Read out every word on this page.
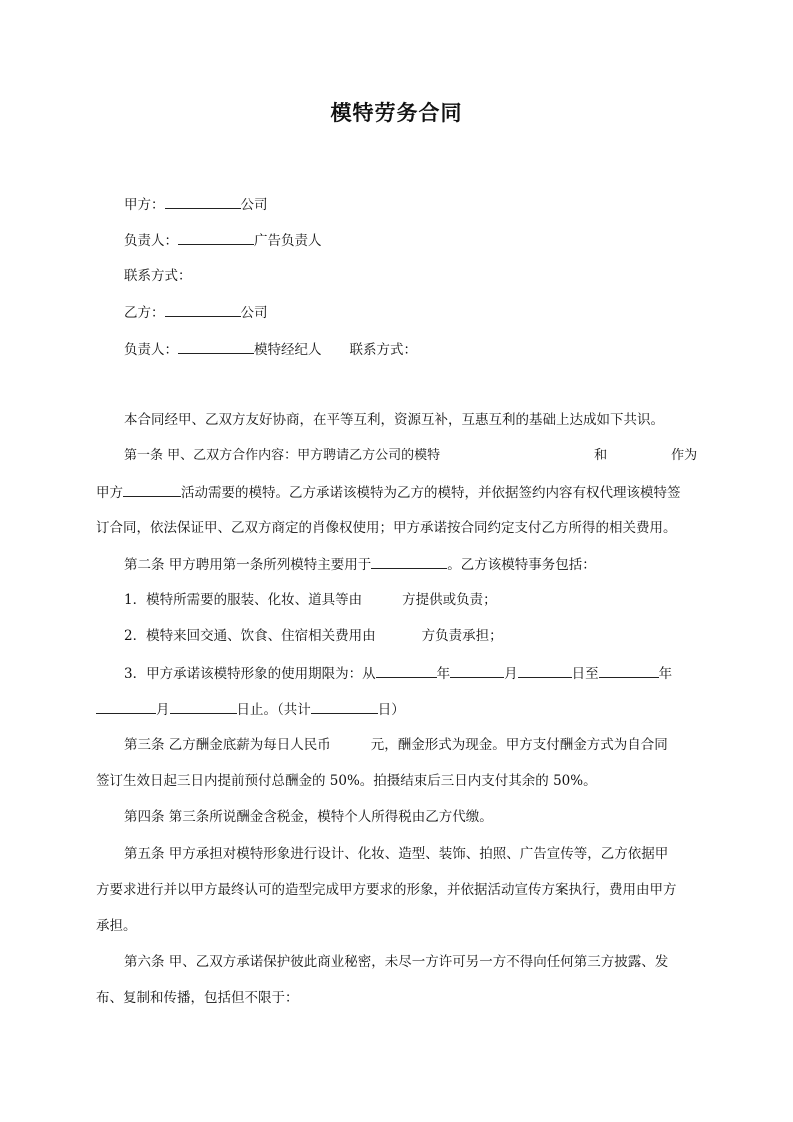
模特劳务合同
甲方：	公司
负责人：	广告负责人
联系方式：
乙方：	公司
负责人：	模特经纪人 联系方式：
本合同经甲、乙双方友好协商，在平等互利，资源互补，互惠互利的基础上达成如下共识。
第一条 甲、乙双方合作内容：甲方聘请乙方公司的模特	和	作为
甲方	活动需要的模特。乙方承诺该模特为乙方的模特，并依据签约内容有权代理该模特签
订合同，依法保证甲、乙双方商定的肖像权使用；甲方承诺按合同约定支付乙方所得的相关费用。
第二条 甲方聘用第一条所列模特主要用于	。乙方该模特事务包括：
1．模特所需要的服装、化妆、道具等由	方提供或负责；
2．模特来回交通、饮食、住宿相关费用由	方负责承担；
3．甲方承诺该模特形象的使用期限为：从	年	月	日至	年
月	日止。（共计	日）
第三条 乙方酬金底薪为每日人民币	元，酬金形式为现金。甲方支付酬金方式为自合同
签订生效日起三日内提前预付总酬金的 50%。拍摄结束后三日内支付其余的 50%。
第四条 第三条所说酬金含税金，模特个人所得税由乙方代缴。
第五条 甲方承担对模特形象进行设计、化妆、造型、装饰、拍照、广告宣传等，乙方依据甲
方要求进行并以甲方最终认可的造型完成甲方要求的形象，并依据活动宣传方案执行，费用由甲方
承担。
第六条 甲、乙双方承诺保护彼此商业秘密，未尽一方许可另一方不得向任何第三方披露、发
布、复制和传播，包括但不限于：
